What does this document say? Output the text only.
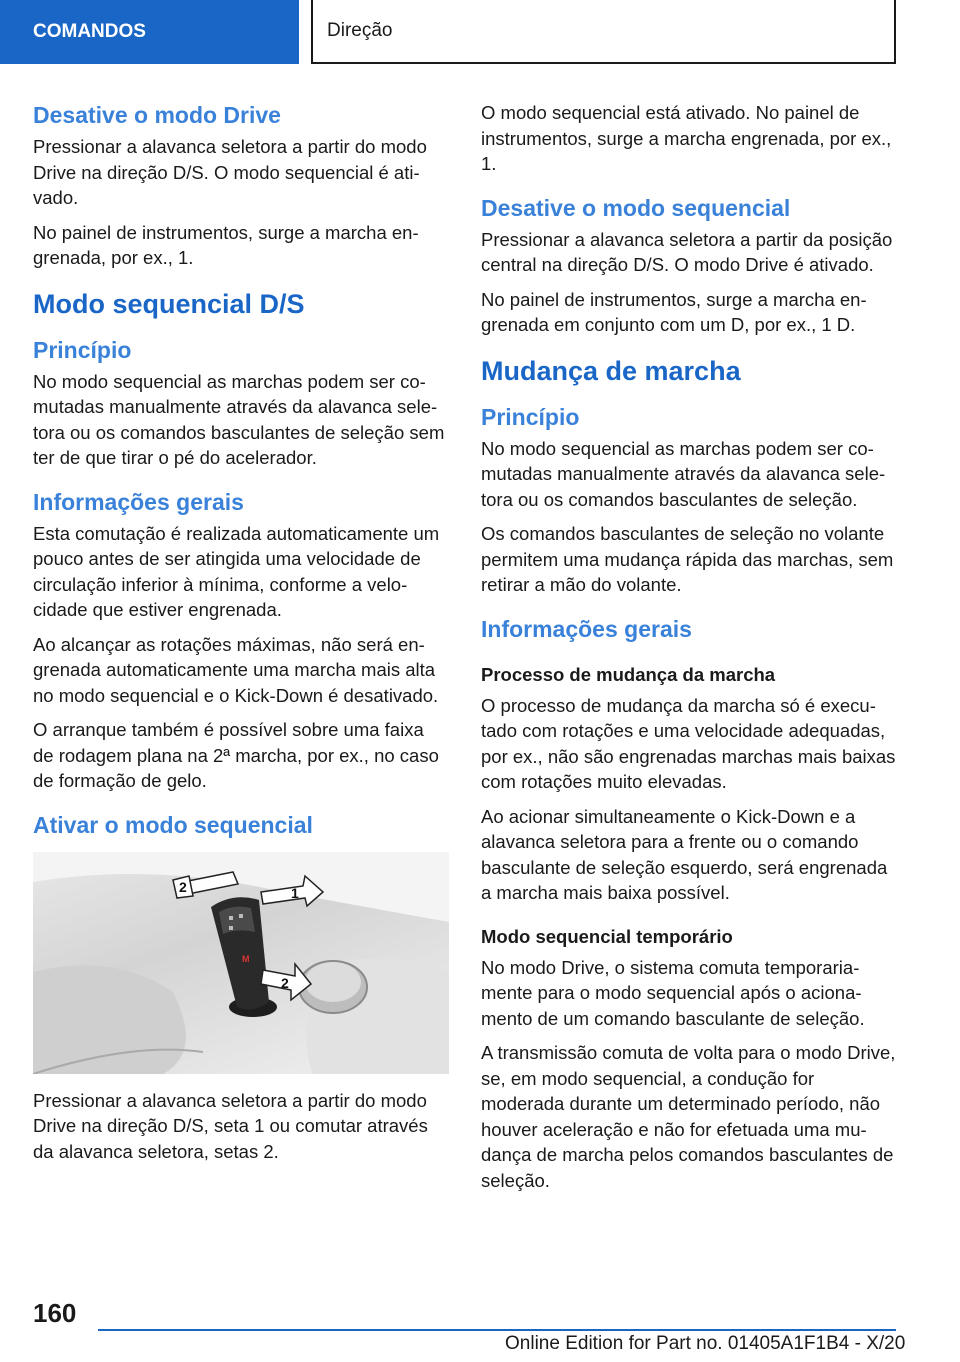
COMANDOS	Direção
Desative o modo Drive

Pressionar a alavanca seletora a partir do modo Drive na direção D/S. O modo sequencial é ativado.

No painel de instrumentos, surge a marcha engrenada, por ex., 1.

Modo sequencial D/S
Princípio

No modo sequencial as marchas podem ser comutadas manualmente através da alavanca seletora ou os comandos basculantes de seleção sem ter de que tirar o pé do acelerador.

Informações gerais

Esta comutação é realizada automaticamente um pouco antes de ser atingida uma velocidade de circulação inferior à mínima, conforme a velocidade que estiver engrenada.

Ao alcançar as rotações máximas, não será engrenada automaticamente uma marcha mais alta no modo sequencial e o Kick-Down é desativado.

O arranque também é possível sobre uma faixa de rodagem plana na 2ª marcha, por ex., no caso de formação de gelo.

Ativar o modo sequencial
M
2	1
2

Pressionar a alavanca seletora a partir do modo Drive na direção D/S, seta 1 ou comutar através da alavanca seletora, setas 2.

O modo sequencial está ativado. No painel de instrumentos, surge a marcha engrenada, por ex., 1.

Desative o modo sequencial

Pressionar a alavanca seletora a partir da posição central na direção D/S. O modo Drive é ativado.

No painel de instrumentos, surge a marcha engrenada em conjunto com um D, por ex., 1 D.

Mudança de marcha
Princípio

No modo sequencial as marchas podem ser comutadas manualmente através da alavanca seletora ou os comandos basculantes de seleção.

Os comandos basculantes de seleção no volante permitem uma mudança rápida das marchas, sem retirar a mão do volante.

Informações gerais
Processo de mudança da marcha

O processo de mudança da marcha só é executado com rotações e uma velocidade adequadas, por ex., não são engrenadas marchas mais baixas com rotações muito elevadas.

Ao acionar simultaneamente o Kick-Down e a alavanca seletora para a frente ou o comando basculante de seleção esquerdo, será engrenada a marcha mais baixa possível.

Modo sequencial temporário

No modo Drive, o sistema comuta temporariamente para o modo sequencial após o acionamento de um comando basculante de seleção.

A transmissão comuta de volta para o modo Drive, se, em modo sequencial, a condução for moderada durante um determinado período, não houver aceleração e não for efetuada uma mudança de marcha pelos comandos basculantes de seleção.

160
Online Edition for Part no. 01405A1F1B4 - X/20
